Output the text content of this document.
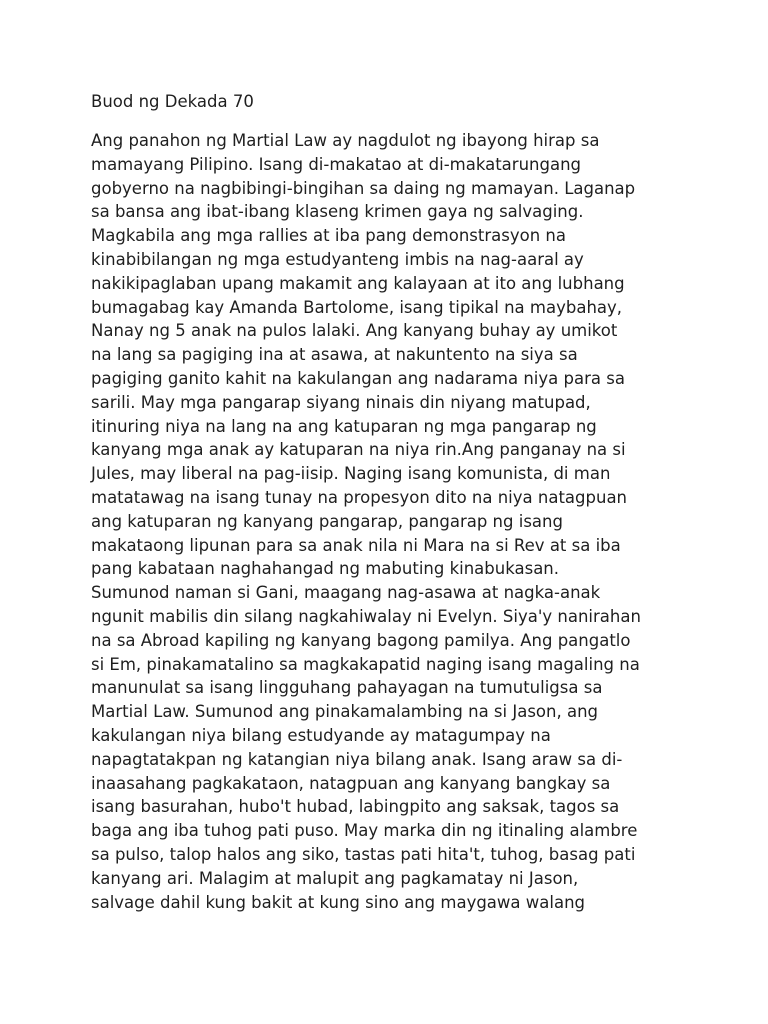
Buod ng Dekada 70
Ang panahon ng Martial Law ay nagdulot ng ibayong hirap sa
mamayang Pilipino. Isang di-makatao at di-makatarungang
gobyerno na nagbibingi-bingihan sa daing ng mamayan. Laganap
sa bansa ang ibat-ibang klaseng krimen gaya ng salvaging.
Magkabila ang mga rallies at iba pang demonstrasyon na
kinabibilangan ng mga estudyanteng imbis na nag-aaral ay
nakikipaglaban upang makamit ang kalayaan at ito ang lubhang
bumagabag kay Amanda Bartolome, isang tipikal na maybahay,
Nanay ng 5 anak na pulos lalaki. Ang kanyang buhay ay umikot
na lang sa pagiging ina at asawa, at nakuntento na siya sa
pagiging ganito kahit na kakulangan ang nadarama niya para sa
sarili. May mga pangarap siyang ninais din niyang matupad,
itinuring niya na lang na ang katuparan ng mga pangarap ng
kanyang mga anak ay katuparan na niya rin.Ang panganay na si
Jules, may liberal na pag-iisip. Naging isang komunista, di man
matatawag na isang tunay na propesyon dito na niya natagpuan
ang katuparan ng kanyang pangarap, pangarap ng isang
makataong lipunan para sa anak nila ni Mara na si Rev at sa iba
pang kabataan naghahangad ng mabuting kinabukasan.
Sumunod naman si Gani, maagang nag-asawa at nagka-anak
ngunit mabilis din silang nagkahiwalay ni Evelyn. Siya'y nanirahan
na sa Abroad kapiling ng kanyang bagong pamilya. Ang pangatlo
si Em, pinakamatalino sa magkakapatid naging isang magaling na
manunulat sa isang lingguhang pahayagan na tumutuligsa sa
Martial Law. Sumunod ang pinakamalambing na si Jason, ang
kakulangan niya bilang estudyande ay matagumpay na
napagtatakpan ng katangian niya bilang anak. Isang araw sa di-
inaasahang pagkakataon, natagpuan ang kanyang bangkay sa
isang basurahan, hubo't hubad, labingpito ang saksak, tagos sa
baga ang iba tuhog pati puso. May marka din ng itinaling alambre
sa pulso, talop halos ang siko, tastas pati hita't, tuhog, basag pati
kanyang ari. Malagim at malupit ang pagkamatay ni Jason,
salvage dahil kung bakit at kung sino ang maygawa walang
